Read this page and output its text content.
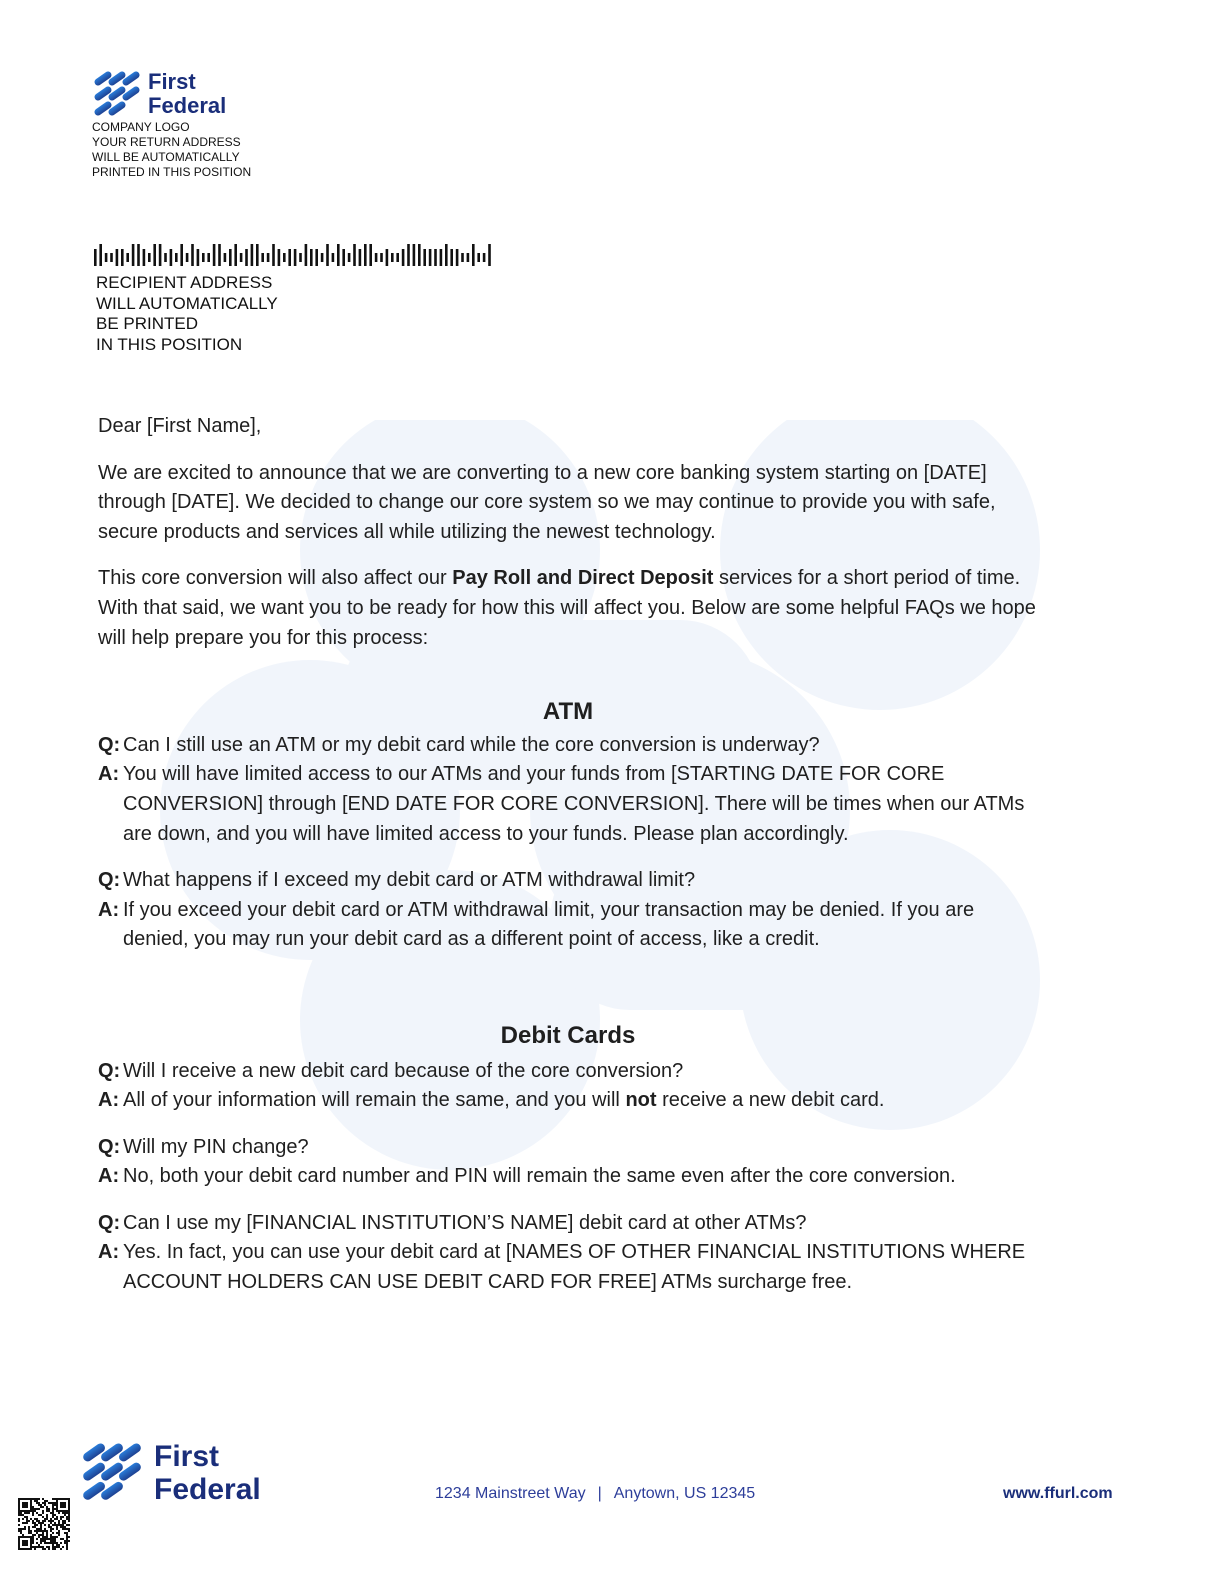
First
Federal
COMPANY LOGO
YOUR RETURN ADDRESS
WILL BE AUTOMATICALLY
PRINTED IN THIS POSITION
RECIPIENT ADDRESS
WILL AUTOMATICALLY
BE PRINTED
IN THIS POSITION

Dear [First Name],

We are excited to announce that we are converting to a new core banking system starting on [DATE] through [DATE]. We decided to change our core system so we may continue to provide you with safe, secure products and services all while utilizing the newest technology.

This core conversion will also affect our Pay Roll and Direct Deposit services for a short period of time. With that said, we want you to be ready for how this will affect you. Below are some helpful FAQs we hope will help prepare you for this process:

ATM
Q: Can I still use an ATM or my debit card while the core conversion is underway?
A: You will have limited access to our ATMs and your funds from [STARTING DATE FOR CORE CONVERSION] through [END DATE FOR CORE CONVERSION]. There will be times when our ATMs are down, and you will have limited access to your funds. Please plan accordingly.
Q: What happens if I exceed my debit card or ATM withdrawal limit?
A: If you exceed your debit card or ATM withdrawal limit, your transaction may be denied. If you are denied, you may run your debit card as a different point of access, like a credit.
Debit Cards
Q: Will I receive a new debit card because of the core conversion?
A: All of your information will remain the same, and you will not receive a new debit card.
Q: Will my PIN change?
A: No, both your debit card number and PIN will remain the same even after the core conversion.
Q: Can I use my [FINANCIAL INSTITUTION’S NAME] debit card at other ATMs?
A: Yes. In fact, you can use your debit card at [NAMES OF OTHER FINANCIAL INSTITUTIONS WHERE ACCOUNT HOLDERS CAN USE DEBIT CARD FOR FREE] ATMs surcharge free.
First
Federal	1234 Mainstreet Way | Anytown, US 12345	www.ffurl.com
